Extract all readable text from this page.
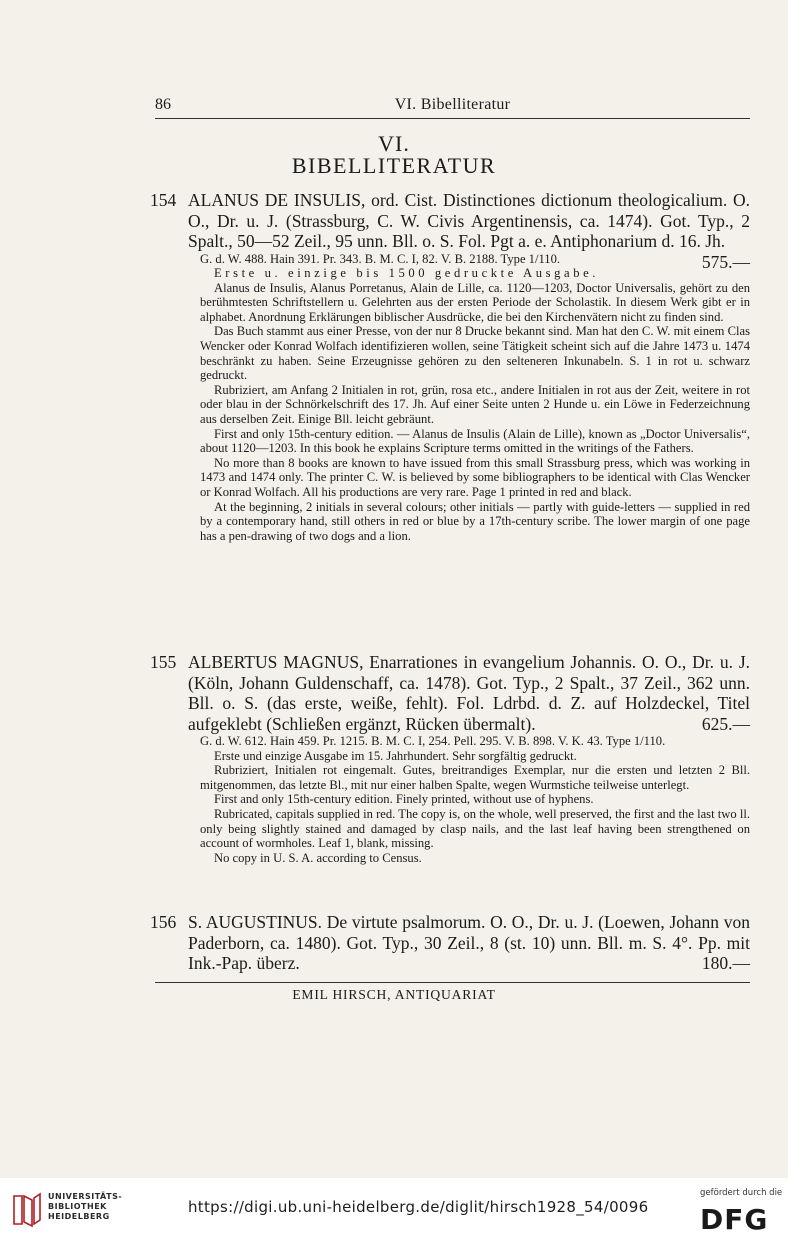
86	VI. Bibelliteratur
VI.
BIBELLITERATUR
154 ALANUS DE INSULIS, ord. Cist. Distinctiones dictionum theologicalium. O. O., Dr. u. J. (Strassburg, C. W. Civis Argentinensis, ca. 1474). Got. Typ., 2 Spalt., 50—52 Zeil., 95 unn. Bll. o. S. Fol. Pgt a. e. Antiphonarium d. 16. Jh.
575.—

G. d. W. 488. Hain 391. Pr. 343. B. M. C. I, 82. V. B. 2188. Type 1/110.

Erste u. einzige bis 1500 gedruckte Ausgabe.

Alanus de Insulis, Alanus Porretanus, Alain de Lille, ca. 1120—1203, Doctor Universalis, gehört zu den berühmtesten Schriftstellern u. Gelehrten aus der ersten Periode der Scholastik. In diesem Werk gibt er in alphabet. Anordnung Erklärungen biblischer Ausdrücke, die bei den Kirchenvätern nicht zu finden sind.

Das Buch stammt aus einer Presse, von der nur 8 Drucke bekannt sind. Man hat den C. W. mit einem Clas Wencker oder Konrad Wolfach identifizieren wollen, seine Tätigkeit scheint sich auf die Jahre 1473 u. 1474 beschränkt zu haben. Seine Erzeugnisse gehören zu den selteneren Inkunabeln. S. 1 in rot u. schwarz gedruckt.

Rubriziert, am Anfang 2 Initialen in rot, grün, rosa etc., andere Initialen in rot aus der Zeit, weitere in rot oder blau in der Schnörkelschrift des 17. Jh. Auf einer Seite unten 2 Hunde u. ein Löwe in Federzeichnung aus derselben Zeit. Einige Bll. leicht gebräunt.

First and only 15th-century edition. — Alanus de Insulis (Alain de Lille), known as „Doctor Universalis“, about 1120—1203. In this book he explains Scripture terms omitted in the writings of the Fathers.

No more than 8 books are known to have issued from this small Strassburg press, which was working in 1473 and 1474 only. The printer C. W. is believed by some bibliographers to be identical with Clas Wencker or Konrad Wolfach. All his productions are very rare. Page 1 printed in red and black.

At the beginning, 2 initials in several colours; other initials — partly with guide-letters — supplied in red by a contemporary hand, still others in red or blue by a 17th-century scribe. The lower margin of one page has a pen-drawing of two dogs and a lion.

155 ALBERTUS MAGNUS, Enarrationes in evangelium Johannis. O. O., Dr. u. J. (Köln, Johann Guldenschaff, ca. 1478). Got. Typ., 2 Spalt., 37 Zeil., 362 unn. Bll. o. S. (das erste, weiße, fehlt). Fol. Ldrbd. d. Z. auf Holzdeckel, Titel aufgeklebt (Schließen ergänzt, Rücken übermalt).	625.—

G. d. W. 612. Hain 459. Pr. 1215. B. M. C. I, 254. Pell. 295. V. B. 898. V. K. 43. Type 1/110.

Erste und einzige Ausgabe im 15. Jahrhundert. Sehr sorgfältig gedruckt.

Rubriziert, Initialen rot eingemalt. Gutes, breitrandiges Exemplar, nur die ersten und letzten 2 Bll. mitgenommen, das letzte Bl., mit nur einer halben Spalte, wegen Wurmstiche teilweise unterlegt.

First and only 15th-century edition. Finely printed, without use of hyphens.

Rubricated, capitals supplied in red. The copy is, on the whole, well preserved, the first and the last two ll. only being slightly stained and damaged by clasp nails, and the last leaf having been strengthened on account of wormholes. Leaf 1, blank, missing.

No copy in U. S. A. according to Census.

156 S. AUGUSTINUS. De virtute psalmorum. O. O., Dr. u. J. (Loewen, Johann von Paderborn, ca. 1480). Got. Typ., 30 Zeil., 8 (st. 10) unn. Bll. m. S. 4°. Pp. mit Ink.-Pap. überz.	180.—
EMIL HIRSCH, ANTIQUARIAT
UNIVERSITÄTS-
BIBLIOTHEK
HEIDELBERG
https://digi.ub.uni-heidelberg.de/diglit/hirsch1928_54/0096
gefördert durch die
DFG
